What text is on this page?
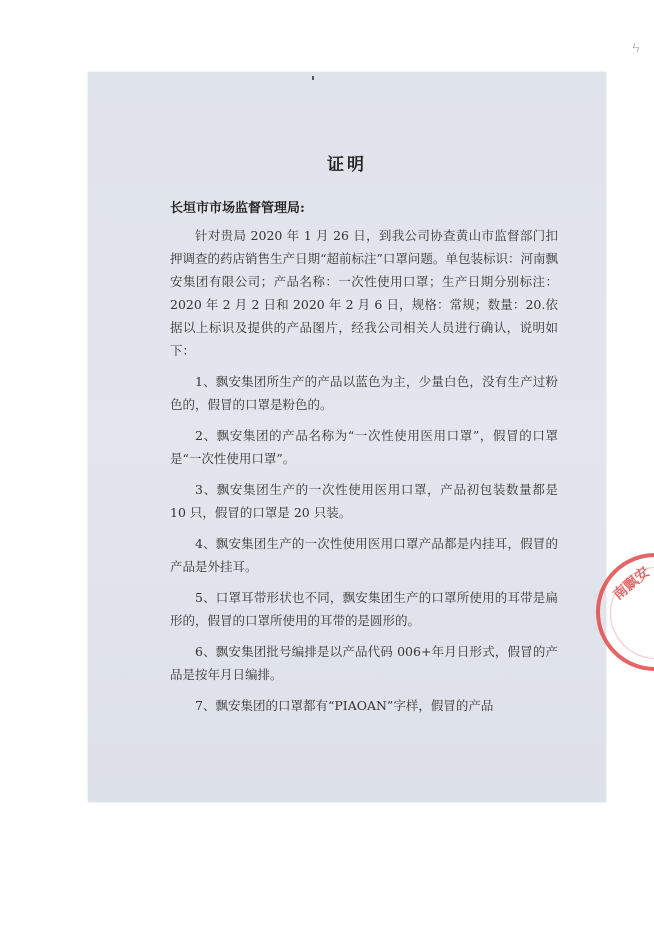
ㄣ
证明
长垣市市场监督管理局:

针对贵局 2020 年 1 月 26 日，到我公司协查黄山市监督部门扣押调查的药店销售生产日期“超前标注”口罩问题。单包装标识：河南飘安集团有限公司；产品名称：一次性使用口罩；生产日期分别标注：2020 年 2 月 2 日和 2020 年 2 月 6 日，规格：常规；数量：20.依据以上标识及提供的产品图片，经我公司相关人员进行确认，说明如下：

1、飘安集团所生产的产品以蓝色为主，少量白色，没有生产过粉色的，假冒的口罩是粉色的。

2、飘安集团的产品名称为“一次性使用医用口罩”，假冒的口罩是“一次性使用口罩”。

3、飘安集团生产的一次性使用医用口罩，产品初包装数量都是 10 只，假冒的口罩是 20 只装。

4、飘安集团生产的一次性使用医用口罩产品都是内挂耳，假冒的产品是外挂耳。

5、口罩耳带形状也不同，飘安集团生产的口罩所使用的耳带是扁形的，假冒的口罩所使用的耳带的是圆形的。

6、飘安集团批号编排是以产品代码 006+年月日形式，假冒的产品是按年月日编排。

7、飘安集团的口罩都有“PIAOAN”字样，假冒的产品

南飘安
